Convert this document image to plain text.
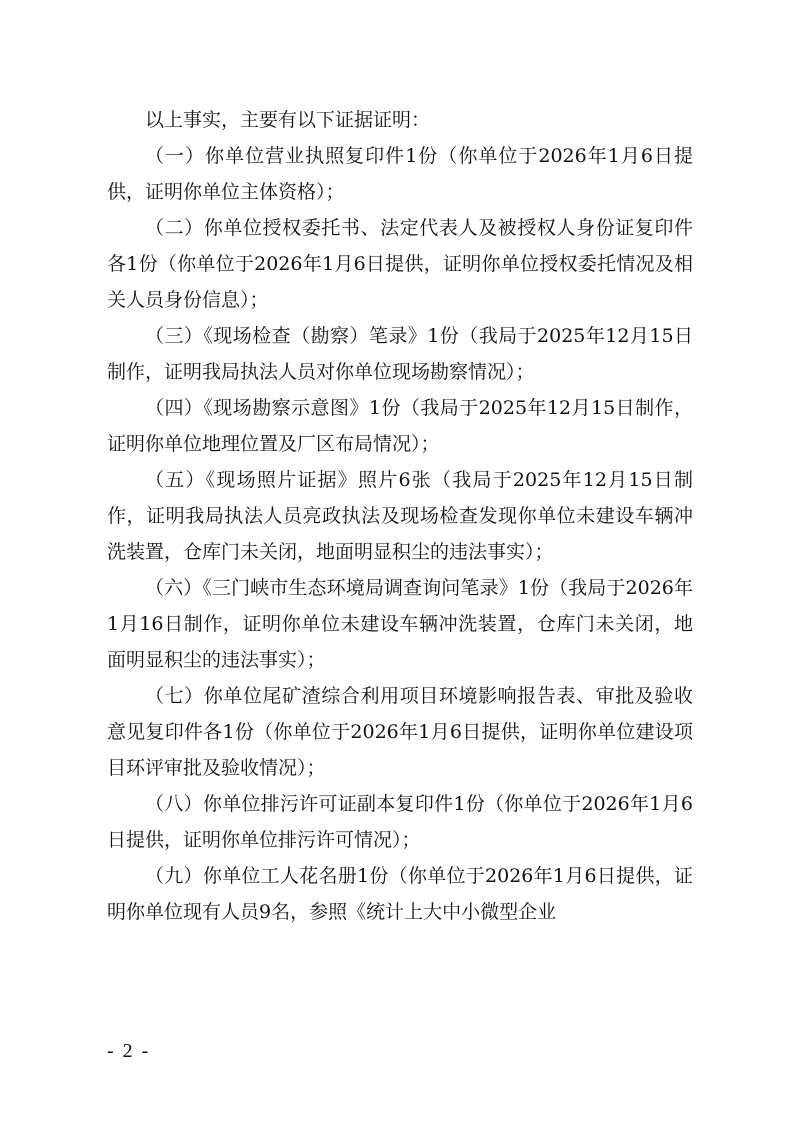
以上事实，主要有以下证据证明：

（一）你单位营业执照复印件1份（你单位于2026年1月6日提供，证明你单位主体资格）；

（二）你单位授权委托书、法定代表人及被授权人身份证复印件各1份（你单位于2026年1月6日提供，证明你单位授权委托情况及相关人员身份信息）；

（三）《现场检查（勘察）笔录》1份（我局于2025年12月15日制作，证明我局执法人员对你单位现场勘察情况）；

（四）《现场勘察示意图》1份（我局于2025年12月15日制作，证明你单位地理位置及厂区布局情况）；

（五）《现场照片证据》照片6张（我局于2025年12月15日制作，证明我局执法人员亮政执法及现场检查发现你单位未建设车辆冲洗装置，仓库门未关闭，地面明显积尘的违法事实）；

（六）《三门峡市生态环境局调查询问笔录》1份（我局于2026年1月16日制作，证明你单位未建设车辆冲洗装置，仓库门未关闭，地面明显积尘的违法事实）；

（七）你单位尾矿渣综合利用项目环境影响报告表、审批及验收意见复印件各1份（你单位于2026年1月6日提供，证明你单位建设项目环评审批及验收情况）；

（八）你单位排污许可证副本复印件1份（你单位于2026年1月6日提供，证明你单位排污许可情况）；

（九）你单位工人花名册1份（你单位于2026年1月6日提供，证明你单位现有人员9名，参照《统计上大中小微型企业

- 2 -
